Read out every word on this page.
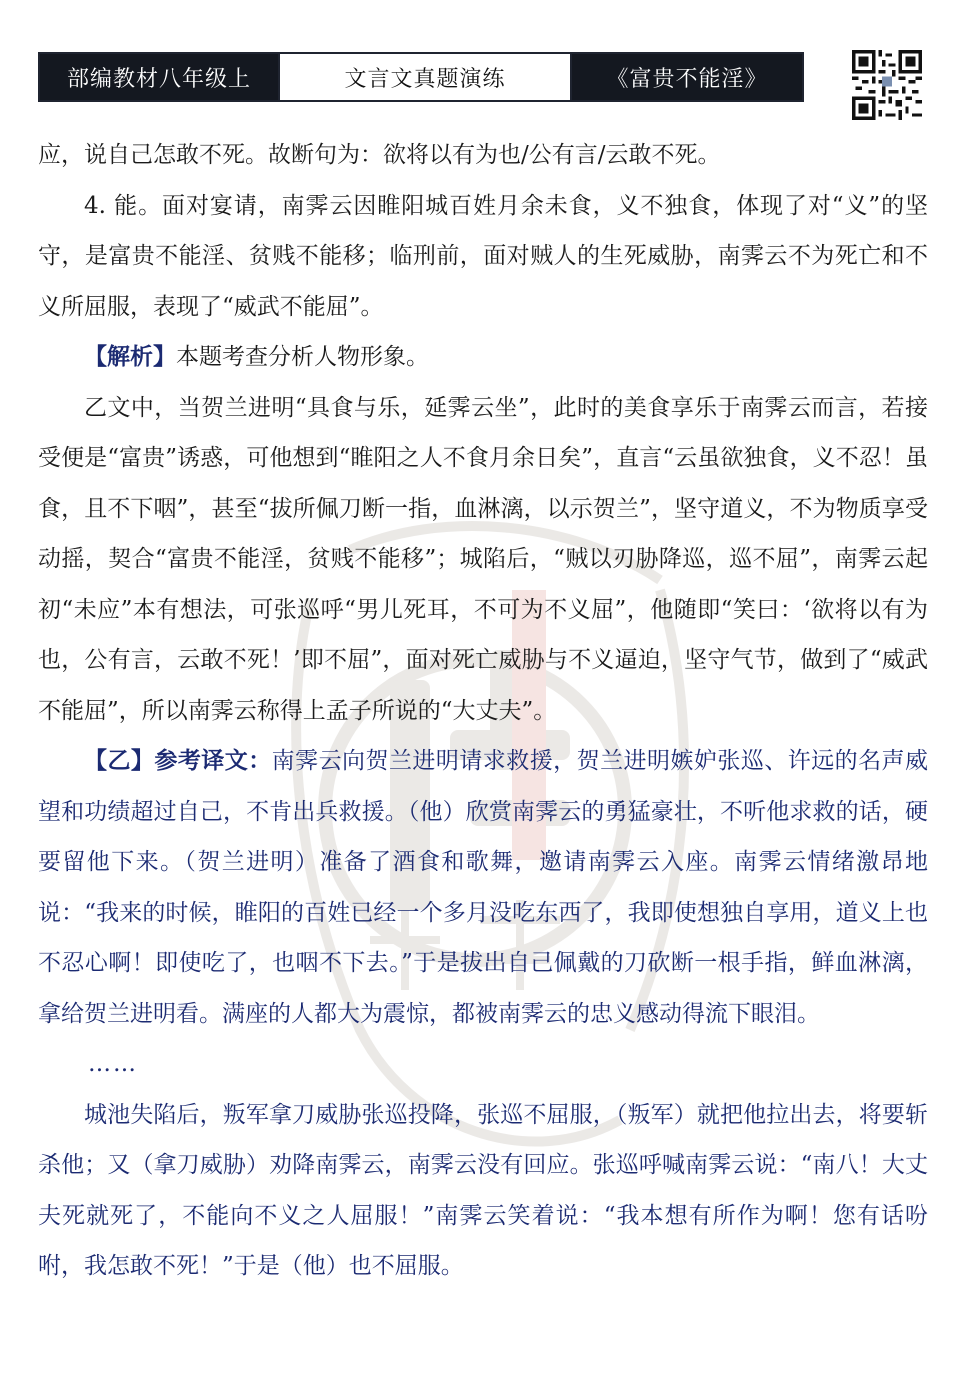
部编教材八年级上	文言文真题演练	《富贵不能淫》

应，说自己怎敢不死。故断句为：欲将以有为也/公有言/云敢不死。

4. 能。面对宴请，南霁云因睢阳城百姓月余未食，义不独食，体现了对“义”的坚守，是富贵不能淫、贫贱不能移；临刑前，面对贼人的生死威胁，南霁云不为死亡和不义所屈服，表现了“威武不能屈”。

【解析】本题考查分析人物形象。

乙文中，当贺兰进明“具食与乐，延霁云坐”，此时的美食享乐于南霁云而言，若接受便是“富贵”诱惑，可他想到“睢阳之人不食月余日矣”，直言“云虽欲独食，义不忍！虽食，且不下咽”，甚至“拔所佩刀断一指，血淋漓，以示贺兰”，坚守道义，不为物质享受动摇，契合“富贵不能淫，贫贱不能移”；城陷后，“贼以刃胁降巡，巡不屈”，南霁云起初“未应”本有想法，可张巡呼“男儿死耳，不可为不义屈”，他随即“笑曰：‘欲将以有为也，公有言，云敢不死！’即不屈”，面对死亡威胁与不义逼迫，坚守气节，做到了“威武不能屈”，所以南霁云称得上孟子所说的“大丈夫”。

【乙】参考译文：南霁云向贺兰进明请求救援，贺兰进明嫉妒张巡、许远的名声威望和功绩超过自己，不肯出兵救援。（他）欣赏南霁云的勇猛豪壮，不听他求救的话，硬要留他下来。（贺兰进明）准备了酒食和歌舞，邀请南霁云入座。南霁云情绪激昂地说：“我来的时候，睢阳的百姓已经一个多月没吃东西了，我即使想独自享用，道义上也不忍心啊！即使吃了，也咽不下去。”于是拔出自己佩戴的刀砍断一根手指，鲜血淋漓，拿给贺兰进明看。满座的人都大为震惊，都被南霁云的忠义感动得流下眼泪。

……

城池失陷后，叛军拿刀威胁张巡投降，张巡不屈服，（叛军）就把他拉出去，将要斩杀他；又（拿刀威胁）劝降南霁云，南霁云没有回应。张巡呼喊南霁云说：“南八！大丈夫死就死了，不能向不义之人屈服！”南霁云笑着说：“我本想有所作为啊！您有话吩咐，我怎敢不死！”于是（他）也不屈服。
